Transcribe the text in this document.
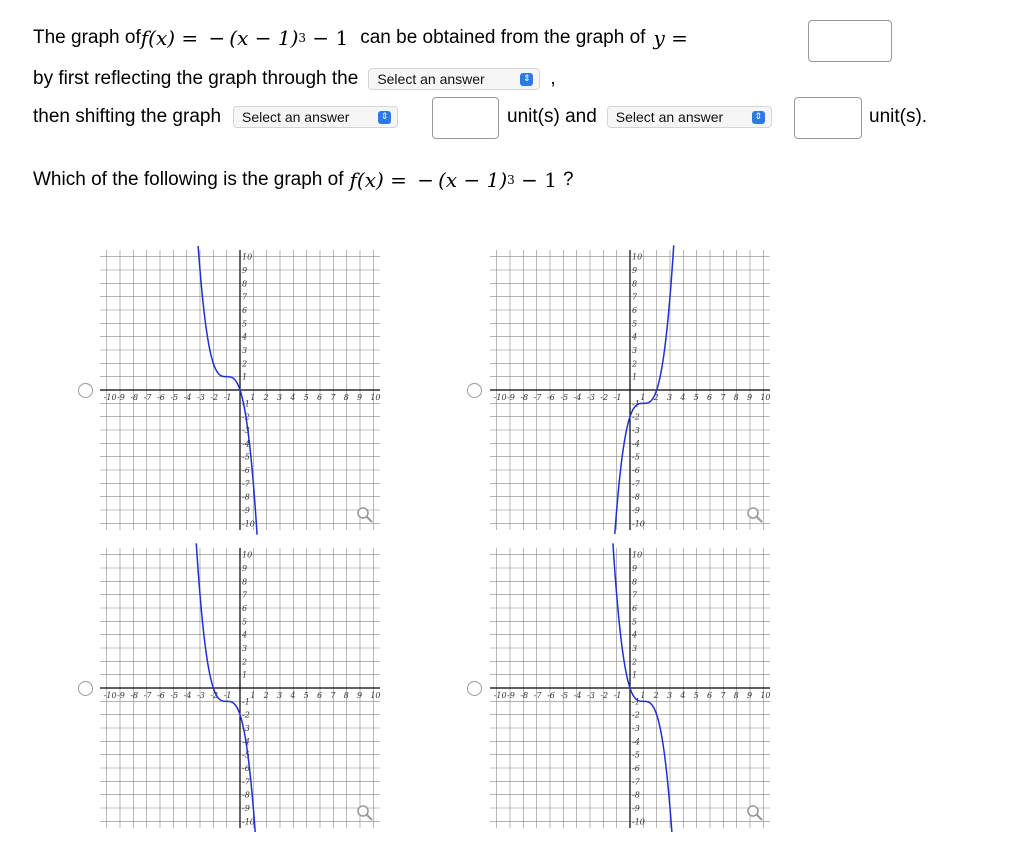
The graph of f (x) = − (x − 1) 3 − 1 can be obtained from the graph of y =
by first reflecting the graph through the Select an answer	⇕ ,
then shifting the graph Select an answer	⇕	unit(s) and Select an answer	⇕	unit(s).
Which of the following is the graph of f (x) = − (x − 1) 3 − 1 ?
-10
-10
-9
-9
-8
-8
-7
-7
-6
-6
-5
-5
-4
-4
-3
-3
-2
-2
-1
-1
1
1
2
2
3
3
4
4
5
5
6
6
7
7
8
8
9
9
10
10
-10
-10
-9
-9
-8
-8
-7
-7
-6
-6
-5
-5
-4
-4
-3
-3
-2
-2
-1
-1
1
1
2
2
3
3
4
4
5
5
6
6
7
7
8
8
9
9
10
10
-10
-10
-9
-9
-8
-8
-7
-7
-6
-6
-5
-5
-4
-4
-3
-3
-2
-2
-1
-1
1
1
2
2
3
3
4
4
5
5
6
6
7
7
8
8
9
9
10
10
-10
-10
-9
-9
-8
-8
-7
-7
-6
-6
-5
-5
-4
-4
-3
-3
-2
-2
-1
-1
1
1
2
2
3
3
4
4
5
5
6
6
7
7
8
8
9
9
10
10
